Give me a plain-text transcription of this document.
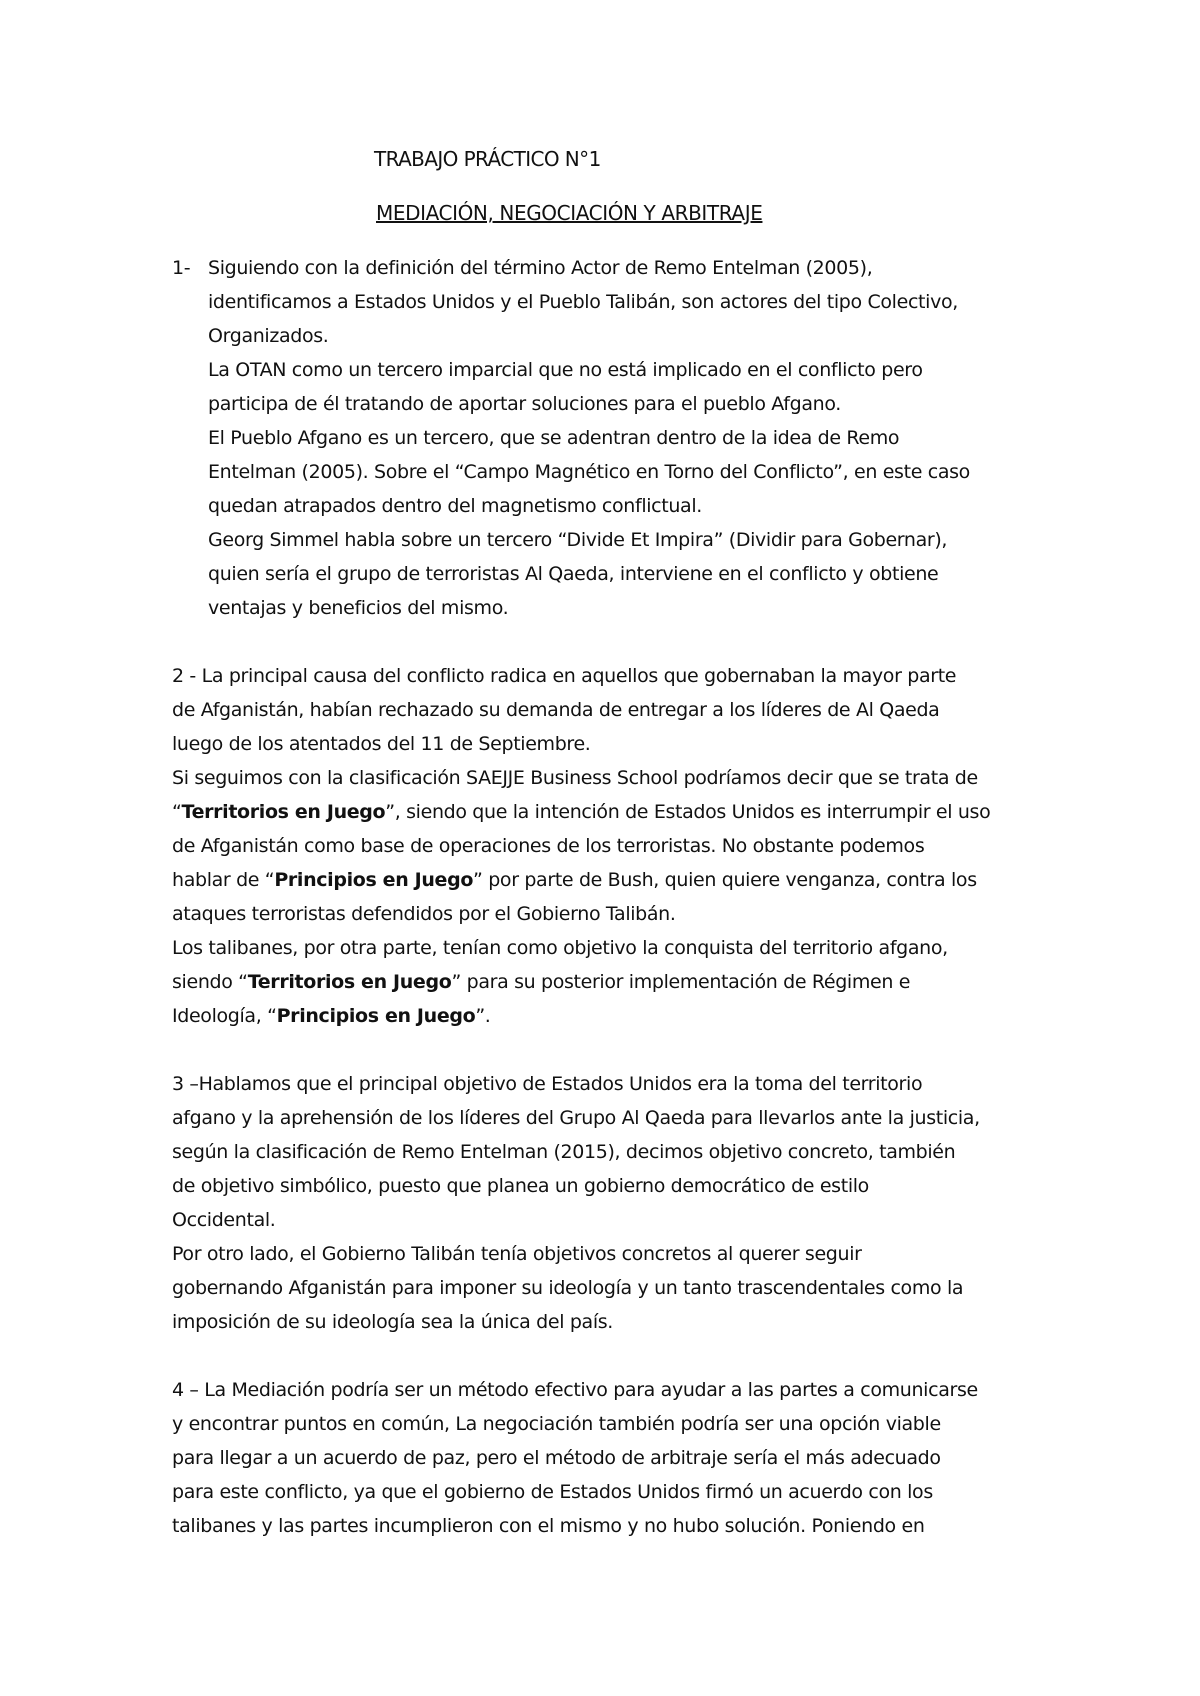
TRABAJO PRÁCTICO N°1
MEDIACIÓN, NEGOCIACIÓN Y ARBITRAJE
1- Siguiendo con la definición del término Actor de Remo Entelman (2005),
identificamos a Estados Unidos y el Pueblo Talibán, son actores del tipo Colectivo,
Organizados.
La OTAN como un tercero imparcial que no está implicado en el conflicto pero
participa de él tratando de aportar soluciones para el pueblo Afgano.
El Pueblo Afgano es un tercero, que se adentran dentro de la idea de Remo
Entelman (2005). Sobre el “Campo Magnético en Torno del Conflicto”, en este caso
quedan atrapados dentro del magnetismo conflictual.
Georg Simmel habla sobre un tercero “Divide Et Impira” (Dividir para Gobernar),
quien sería el grupo de terroristas Al Qaeda, interviene en el conflicto y obtiene
ventajas y beneficios del mismo.
2 - La principal causa del conflicto radica en aquellos que gobernaban la mayor parte
de Afganistán, habían rechazado su demanda de entregar a los líderes de Al Qaeda
luego de los atentados del 11 de Septiembre.
Si seguimos con la clasificación SAEJJE Business School podríamos decir que se trata de
“Territorios en Juego”, siendo que la intención de Estados Unidos es interrumpir el uso
de Afganistán como base de operaciones de los terroristas. No obstante podemos
hablar de “Principios en Juego” por parte de Bush, quien quiere venganza, contra los
ataques terroristas defendidos por el Gobierno Talibán.
Los talibanes, por otra parte, tenían como objetivo la conquista del territorio afgano,
siendo “Territorios en Juego” para su posterior implementación de Régimen e
Ideología, “Principios en Juego”.
3 –Hablamos que el principal objetivo de Estados Unidos era la toma del territorio
afgano y la aprehensión de los líderes del Grupo Al Qaeda para llevarlos ante la justicia,
según la clasificación de Remo Entelman (2015), decimos objetivo concreto, también
de objetivo simbólico, puesto que planea un gobierno democrático de estilo
Occidental.
Por otro lado, el Gobierno Talibán tenía objetivos concretos al querer seguir
gobernando Afganistán para imponer su ideología y un tanto trascendentales como la
imposición de su ideología sea la única del país.
4 – La Mediación podría ser un método efectivo para ayudar a las partes a comunicarse
y encontrar puntos en común, La negociación también podría ser una opción viable
para llegar a un acuerdo de paz, pero el método de arbitraje sería el más adecuado
para este conflicto, ya que el gobierno de Estados Unidos firmó un acuerdo con los
talibanes y las partes incumplieron con el mismo y no hubo solución. Poniendo en
